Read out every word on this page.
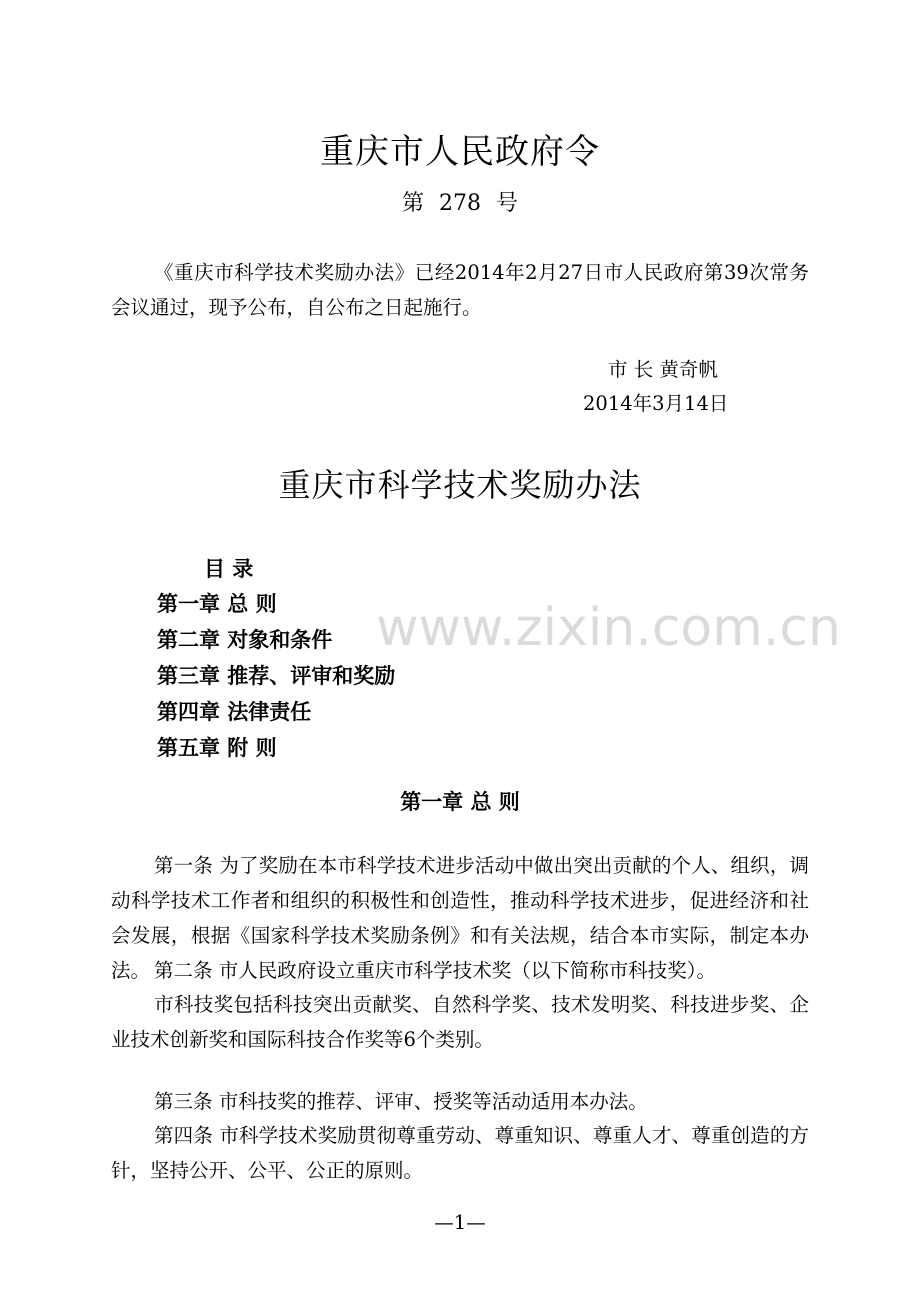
重庆市人民政府令
第 278 号
《重庆市科学技术奖励办法》已经2014年2月27日市人民政府第39次常务会议通过，现予公布，自公布之日起施行。
市 长 黄奇帆
2014年3月14日
重庆市科学技术奖励办法
目 录
第一章 总 则
第二章 对象和条件
第三章 推荐、评审和奖励
第四章 法律责任
第五章 附 则
第一章 总 则
第一条 为了奖励在本市科学技术进步活动中做出突出贡献的个人、组织，调动科学技术工作者和组织的积极性和创造性，推动科学技术进步，促进经济和社会发展，根据《国家科学技术奖励条例》和有关法规，结合本市实际，制定本办法。 第二条 市人民政府设立重庆市科学技术奖（以下简称市科技奖）。
市科技奖包括科技突出贡献奖、自然科学奖、技术发明奖、科技进步奖、企业技术创新奖和国际科技合作奖等6个类别。
第三条 市科技奖的推荐、评审、授奖等活动适用本办法。
第四条 市科学技术奖励贯彻尊重劳动、尊重知识、尊重人才、尊重创造的方针，坚持公开、公平、公正的原则。
www.zixin.com.cn
—1—
